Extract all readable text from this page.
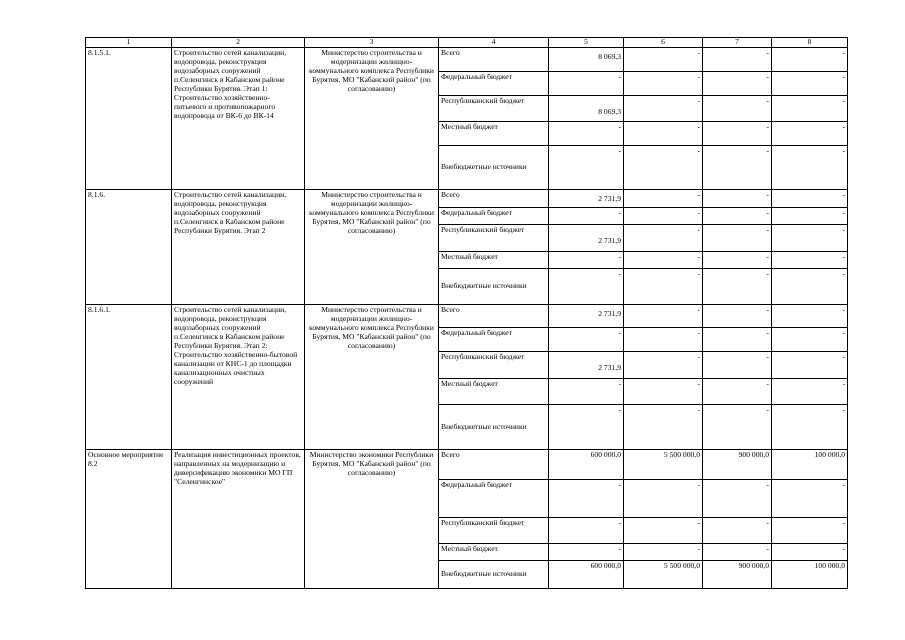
1	2	3	4	5	6	7	8
8.1.5.1.	Строительство сетей канализации, водопровода, реконструкция водозаборных сооружений п.Селенгинск в Кабанском районе Республики Бурятия. Этап 1: Строительство хозяйственно-питьевого и противопожарного водопровода от ВК-6 до ВК-14	Министерство строительства и модернизации жилищно-коммунального комплекса Республики Бурятия, МО "Кабанский район" (по согласованию)	Всего	8 069,3	-	-	-
			Федеральный бюджет	-	-	-	-
			Республиканский бюджет	8 069,3	-	-	-
			Местный бюджет	-	-	-	-
			Внебюджетные источники	-	-	-	-
8.1.6.	Строительство сетей канализации, водопровода, реконструкция водозаборных сооружений п.Селенгинск в Кабанском районе Республики Бурятия. Этап 2	Министерство строительства и модернизации жилищно-коммунального комплекса Республики Бурятия, МО "Кабанский район" (по согласованию)	Всего	2 731,9	-	-	-
			Федеральный бюджет	-	-	-	-
			Республиканский бюджет	2 731,9	-	-	-
			Местный бюджет	-	-	-	-
			Внебюджетные источники	-	-	-	-
8.1.6.1.	Строительство сетей канализации, водопровода, реконструкция водозаборных сооружений п.Селенгинск в Кабанском районе Республики Бурятия. Этап 2: Строительство хозяйственно-бытовой канализации от КНС-1 до площадки канализационных очистных сооружений	Министерство строительства и модернизации жилищно-коммунального комплекса Республики Бурятия, МО "Кабанский район" (по согласованию)	Всего	2 731,9	-	-	-
			Федеральный бюджет	-	-	-	-
			Республиканский бюджет	2 731,9	-	-	-
			Местный бюджет	-	-	-	-
			Внебюджетные источники	-	-	-	-
Основное мероприятие 8.2	Реализация инвестиционных проектов, направленных на модернизацию и диверсификацию экономики МО ГП "Селенгинское"	Министерство экономики Республики Бурятия, МО "Кабанский район" (по согласованию)	Всего	600 000,0	5 500 000,0	900 000,0	100 000,0
			Федеральный бюджет	-	-	-	-
			Республиканский бюджет	-	-	-	-
			Местный бюджет	-	-	-	-
			Внебюджетные источники	600 000,0	5 500 000,0	900 000,0	100 000,0
